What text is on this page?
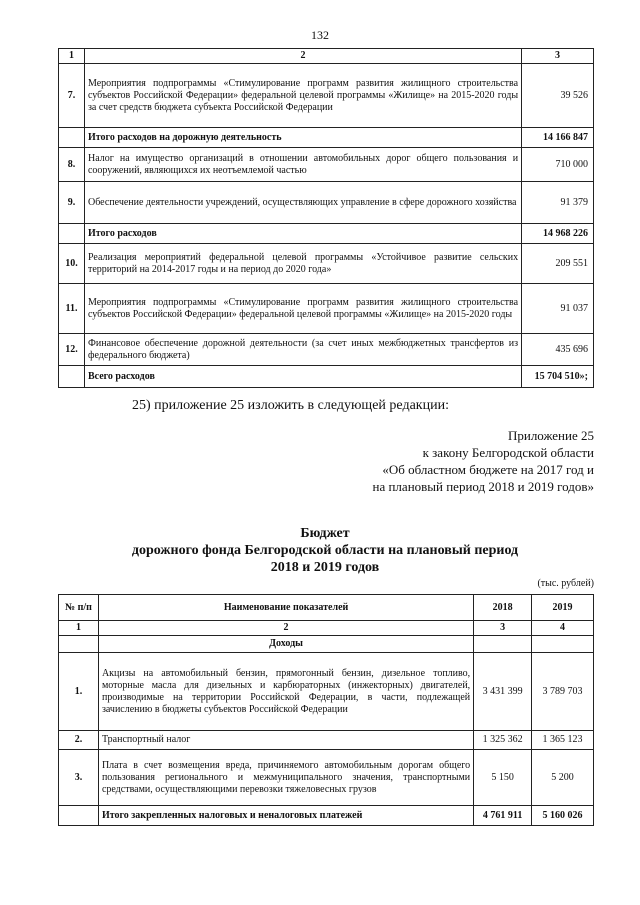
132
1	2	3
7.	Мероприятия подпрограммы «Стимулирование программ развития жилищного строительства субъектов Российской Федерации» федеральной целевой программы «Жилище» на 2015-2020 годы за счет средств бюджета субъекта Российской Федерации	39 526
	Итого расходов на дорожную деятельность	14 166 847
8.	Налог на имущество организаций в отношении автомобильных дорог общего пользования и сооружений, являющихся их неотъемлемой частью	710 000
9.	Обеспечение деятельности учреждений, осуществляющих управление в сфере дорожного хозяйства	91 379
	Итого расходов	14 968 226
10.	Реализация мероприятий федеральной целевой программы «Устойчивое развитие сельских территорий на 2014-2017 годы и на период до 2020 года»	209 551
11.	Мероприятия подпрограммы «Стимулирование программ развития жилищного строительства субъектов Российской Федерации» федеральной целевой программы «Жилище» на 2015-2020 годы	91 037
12.	Финансовое обеспечение дорожной деятельности (за счет иных межбюджетных трансфертов из федерального бюджета)	435 696
	Всего расходов	15 704 510»;
25) приложение 25 изложить в следующей редакции:
Приложение 25
к закону Белгородской области
«Об областном бюджете на 2017 год и
на плановый период 2018 и 2019 годов»
Бюджет
дорожного фонда Белгородской области на плановый период
2018 и 2019 годов
(тыс. рублей)
№ п/п	Наименование показателей	2018	2019
1	2	3	4
	Доходы		
1.	Акцизы на автомобильный бензин, прямогонный бензин, дизельное топливо, моторные масла для дизельных и карбюраторных (инжекторных) двигателей, производимые на территории Российской Федерации, в части, подлежащей зачислению в бюджеты субъектов Российской Федерации	3 431 399	3 789 703
2.	Транспортный налог	1 325 362	1 365 123
3.	Плата в счет возмещения вреда, причиняемого автомобильным дорогам общего пользования регионального и межмуниципального значения, транспортными средствами, осуществляющими перевозки тяжеловесных грузов	5 150	5 200
	Итого закрепленных налоговых и неналоговых платежей	4 761 911	5 160 026
